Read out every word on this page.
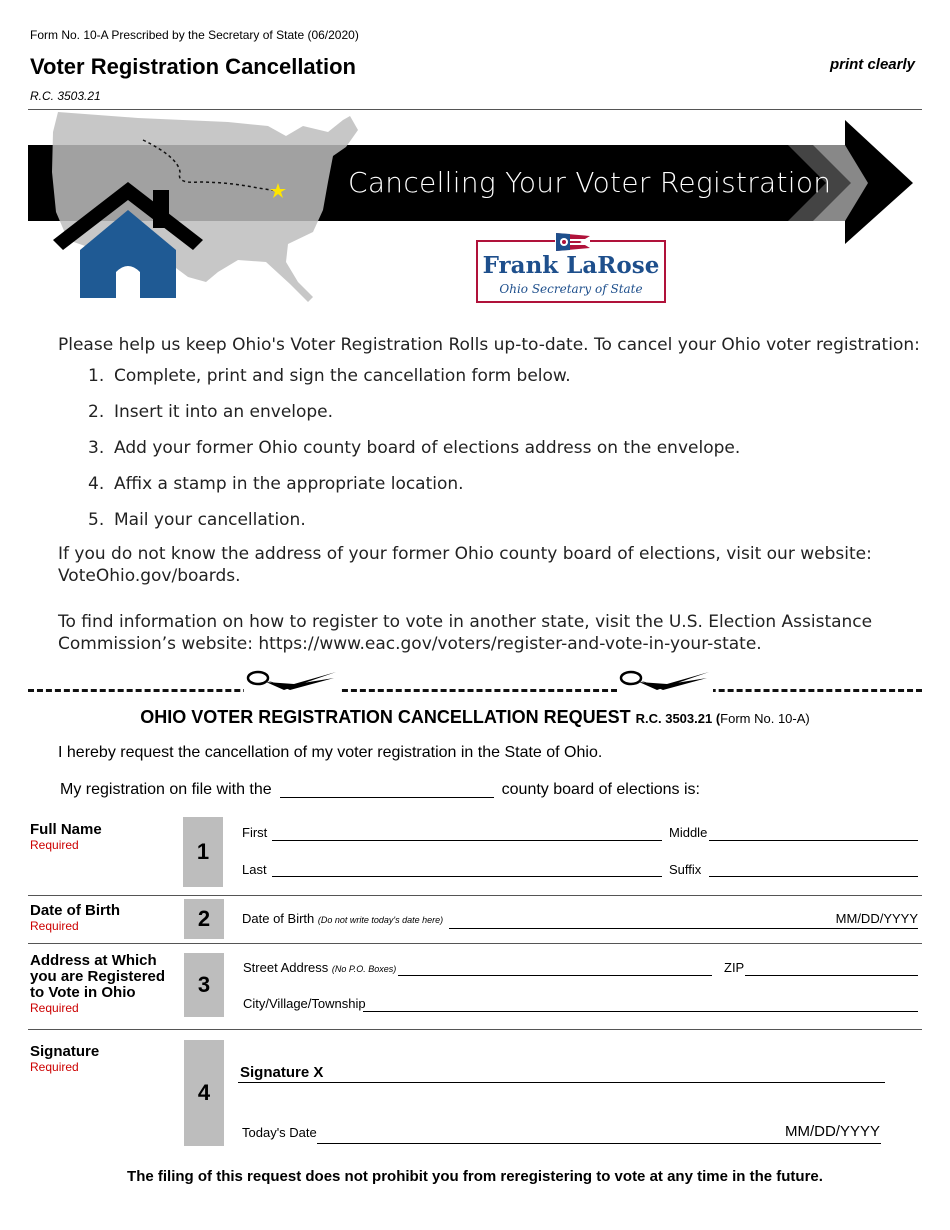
Form No. 10-A Prescribed by the Secretary of State (06/2020)
Voter Registration Cancellation
R.C. 3503.21
print clearly
Cancelling Your Voter Registration
Frank LaRose
Ohio Secretary of State
Please help us keep Ohio's Voter Registration Rolls up-to-date. To cancel your Ohio voter registration:
1. Complete, print and sign the cancellation form below.
2. Insert it into an envelope.
3. Add your former Ohio county board of elections address on the envelope.
4. Affix a stamp in the appropriate location.
5. Mail your cancellation.
If you do not know the address of your former Ohio county board of elections, visit our website: VoteOhio.gov/boards.
To find information on how to register to vote in another state, visit the U.S. Election Assistance Commission’s website: https://www.eac.gov/voters/register-and-vote-in-your-state.
OHIO VOTER REGISTRATION CANCELLATION REQUEST R.C. 3503.21 (Form No. 10-A)
I hereby request the cancellation of my voter registration in the State of Ohio.
My registration on file with the	county board of elections is:
Full Name
Required	1
First	Middle
Last	Suffix
Date of Birth
Required	2	Date of Birth (Do not write today's date here)	MM/DD/YYYY
Address at Which
you are Registered
to Vote in Ohio
Required
3
Street Address (No P.O. Boxes)	ZIP
City/Village/Township
Signature
Required
4
Signature X
Today's Date	MM/DD/YYYY
The filing of this request does not prohibit you from reregistering to vote at any time in the future.
